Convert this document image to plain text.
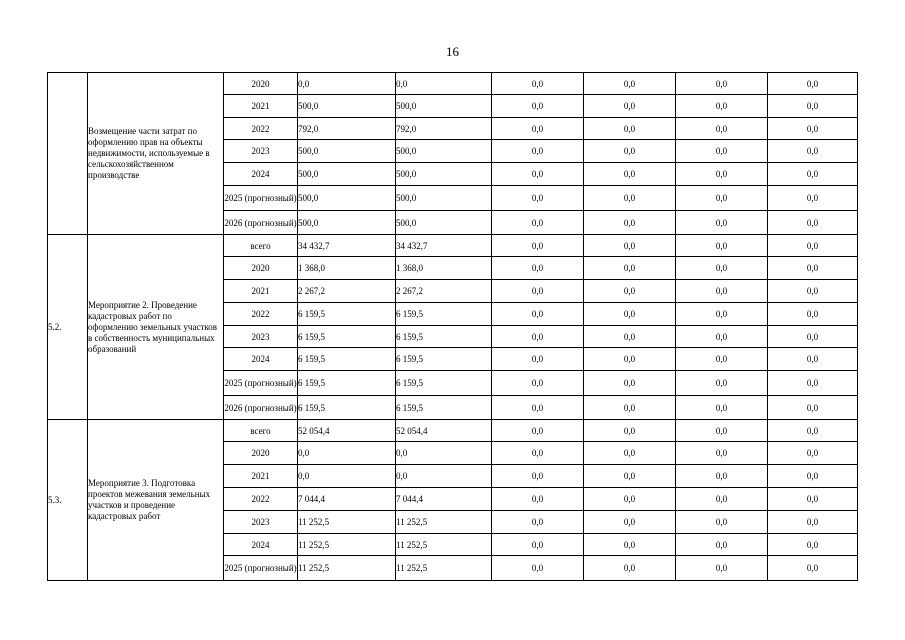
16
	Возмещение части затрат по оформлению прав на объекты недвижимости, используемые в сельскохозяйственном производстве	2020	0,0	0,0	0,0	0,0	0,0	0,0
		2021	500,0	500,0	0,0	0,0	0,0	0,0
		2022	792,0	792,0	0,0	0,0	0,0	0,0
		2023	500,0	500,0	0,0	0,0	0,0	0,0
		2024	500,0	500,0	0,0	0,0	0,0	0,0
		2025 (прогнозный)	500,0	500,0	0,0	0,0	0,0	0,0
		2026 (прогнозный)	500,0	500,0	0,0	0,0	0,0	0,0
5.2.	Мероприятие 2. Проведение кадастровых работ по оформлению земельных участков в собственность муниципальных образований	всего	34 432,7	34 432,7	0,0	0,0	0,0	0,0
		2020	1 368,0	1 368,0	0,0	0,0	0,0	0,0
		2021	2 267,2	2 267,2	0,0	0,0	0,0	0,0
		2022	6 159,5	6 159,5	0,0	0,0	0,0	0,0
		2023	6 159,5	6 159,5	0,0	0,0	0,0	0,0
		2024	6 159,5	6 159,5	0,0	0,0	0,0	0,0
		2025 (прогнозный)	6 159,5	6 159,5	0,0	0,0	0,0	0,0
		2026 (прогнозный)	6 159,5	6 159,5	0,0	0,0	0,0	0,0
5.3.	Мероприятие 3. Подготовка проектов межевания земельных участков и проведение кадастровых работ	всего	52 054,4	52 054,4	0,0	0,0	0,0	0,0
		2020	0,0	0,0	0,0	0,0	0,0	0,0
		2021	0,0	0,0	0,0	0,0	0,0	0,0
		2022	7 044,4	7 044,4	0,0	0,0	0,0	0,0
		2023	11 252,5	11 252,5	0,0	0,0	0,0	0,0
		2024	11 252,5	11 252,5	0,0	0,0	0,0	0,0
		2025 (прогнозный)	11 252,5	11 252,5	0,0	0,0	0,0	0,0
